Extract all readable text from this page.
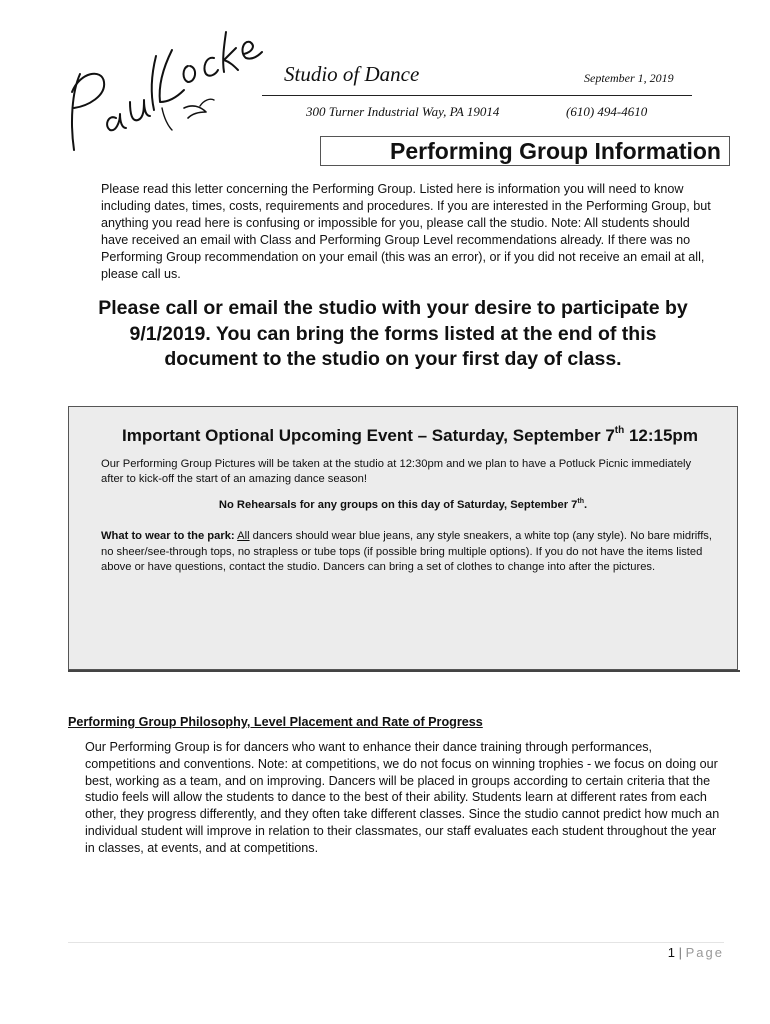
Studio of Dance	September 1, 2019
300 Turner Industrial Way, PA 19014	(610) 494-4610
Performing Group Information
Please read this letter concerning the Performing Group. Listed here is information you will need to know including dates, times, costs, requirements and procedures. If you are interested in the Performing Group, but anything you read here is confusing or impossible for you, please call the studio. Note: All students should have received an email with Class and Performing Group Level recommendations already. If there was no Performing Group recommendation on your email (this was an error), or if you did not receive an email at all, please call us.
Please call or email the studio with your desire to participate by 9/1/2019. You can bring the forms listed at the end of this document to the studio on your first day of class.
Important Optional Upcoming Event – Saturday, September 7th 12:15pm
Our Performing Group Pictures will be taken at the studio at 12:30pm and we plan to have a Potluck Picnic immediately after to kick-off the start of an amazing dance season!
No Rehearsals for any groups on this day of Saturday, September 7th.
What to wear to the park: All dancers should wear blue jeans, any style sneakers, a white top (any style). No bare midriffs, no sheer/see-through tops, no strapless or tube tops (if possible bring multiple options). If you do not have the items listed above or have questions, contact the studio. Dancers can bring a set of clothes to change into after the pictures.
Performing Group Philosophy, Level Placement and Rate of Progress
Our Performing Group is for dancers who want to enhance their dance training through performances, competitions and conventions. Note: at competitions, we do not focus on winning trophies - we focus on doing our best, working as a team, and on improving. Dancers will be placed in groups according to certain criteria that the studio feels will allow the students to dance to the best of their ability. Students learn at different rates from each other, they progress differently, and they often take different classes. Since the studio cannot predict how much an individual student will improve in relation to their classmates, our staff evaluates each student throughout the year in classes, at events, and at competitions.
1 | Page
